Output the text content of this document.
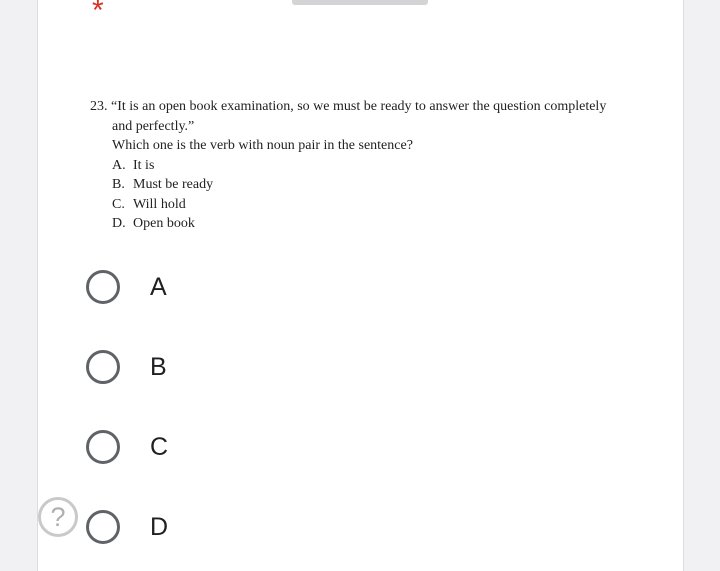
*
23. “It is an open book examination, so we must be ready to answer the question completely
and perfectly.”
Which one is the verb with noun pair in the sentence?
A. It is
B. Must be ready
C. Will hold
D. Open book
A
B
C
D
?
